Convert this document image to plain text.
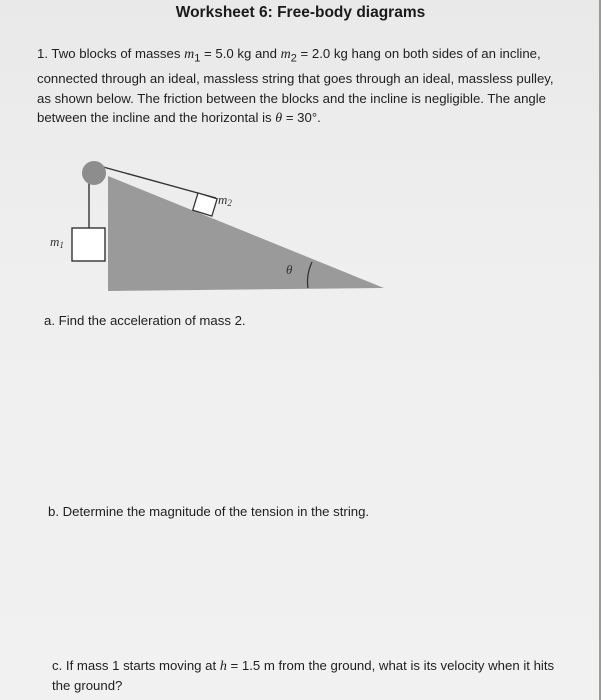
Worksheet 6: Free-body diagrams
1. Two blocks of masses $m_1 = 5.0$ kg and $m_2 = 2.0$ kg hang on both sides of an incline, connected through an ideal, massless string that goes through an ideal, massless pulley, as shown below. The friction between the blocks and the incline is negligible. The angle between the incline and the horizontal is θ = 30°.
m2
m1
θ
a. Find the acceleration of mass 2.
b. Determine the magnitude of the tension in the string.
c. If mass 1 starts moving at h = 1.5 m from the ground, what is its velocity when it hits the ground?
